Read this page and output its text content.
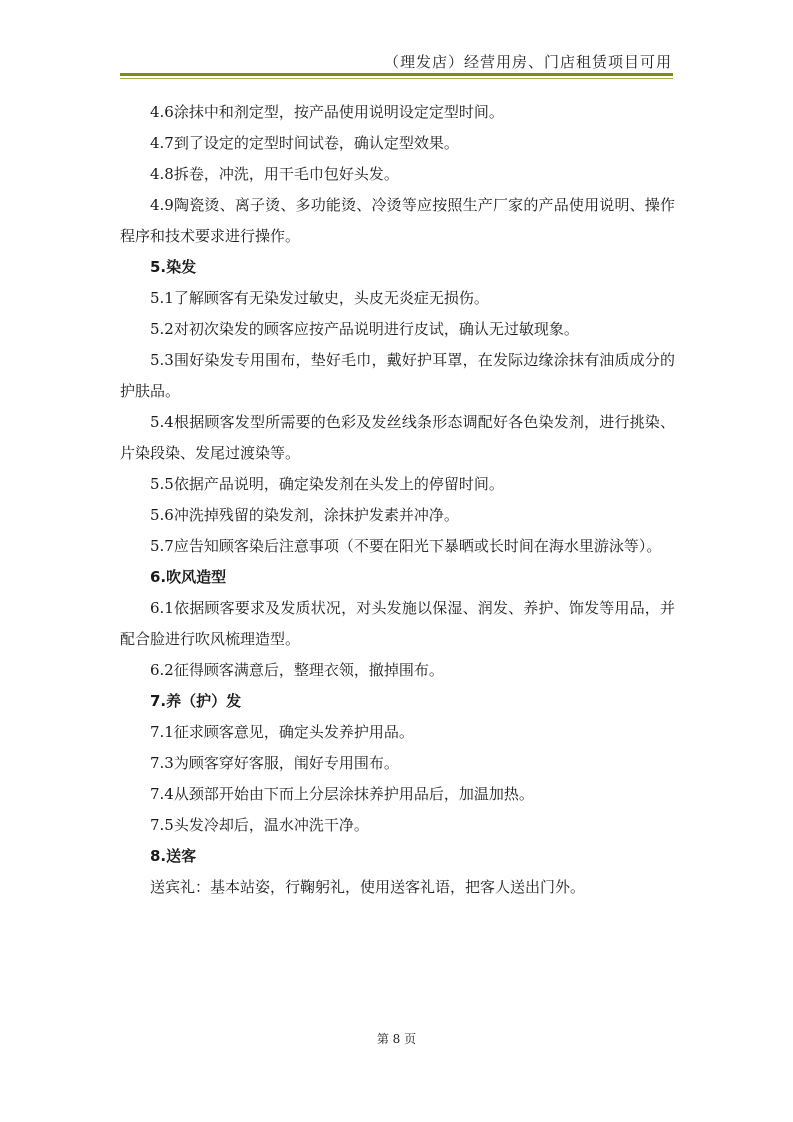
（理发店）经营用房、门店租赁项目可用

4.6涂抹中和剂定型，按产品使用说明设定定型时间。

4.7到了设定的定型时间试卷，确认定型效果。

4.8拆卷，冲洗，用干毛巾包好头发。

4.9陶瓷烫、离子烫、多功能烫、冷烫等应按照生产厂家的产品使用说明、操作程序和技术要求进行操作。

5.染发

5.1了解顾客有无染发过敏史，头皮无炎症无损伤。

5.2对初次染发的顾客应按产品说明进行皮试，确认无过敏现象。

5.3围好染发专用围布，垫好毛巾，戴好护耳罩，在发际边缘涂抹有油质成分的护肤品。

5.4根据顾客发型所需要的色彩及发丝线条形态调配好各色染发剂，进行挑染、片染段染、发尾过渡染等。

5.5依据产品说明，确定染发剂在头发上的停留时间。

5.6冲洗掉残留的染发剂，涂抹护发素并冲净。

5.7应告知顾客染后注意事项（不要在阳光下暴晒或长时间在海水里游泳等）。

6.吹风造型

6.1依据顾客要求及发质状况，对头发施以保湿、润发、养护、饰发等用品，并配合脸进行吹风梳理造型。

6.2征得顾客满意后，整理衣领，撤掉围布。

7.养（护）发

7.1征求顾客意见，确定头发养护用品。

7.3为顾客穿好客服，闱好专用围布。

7.4从颈部开始由下而上分层涂抹养护用品后，加温加热。

7.5头发冷却后，温水冲洗干净。

8.送客

送宾礼：基本站姿，行鞠躬礼，使用送客礼语，把客人送出门外。

第 8 页
